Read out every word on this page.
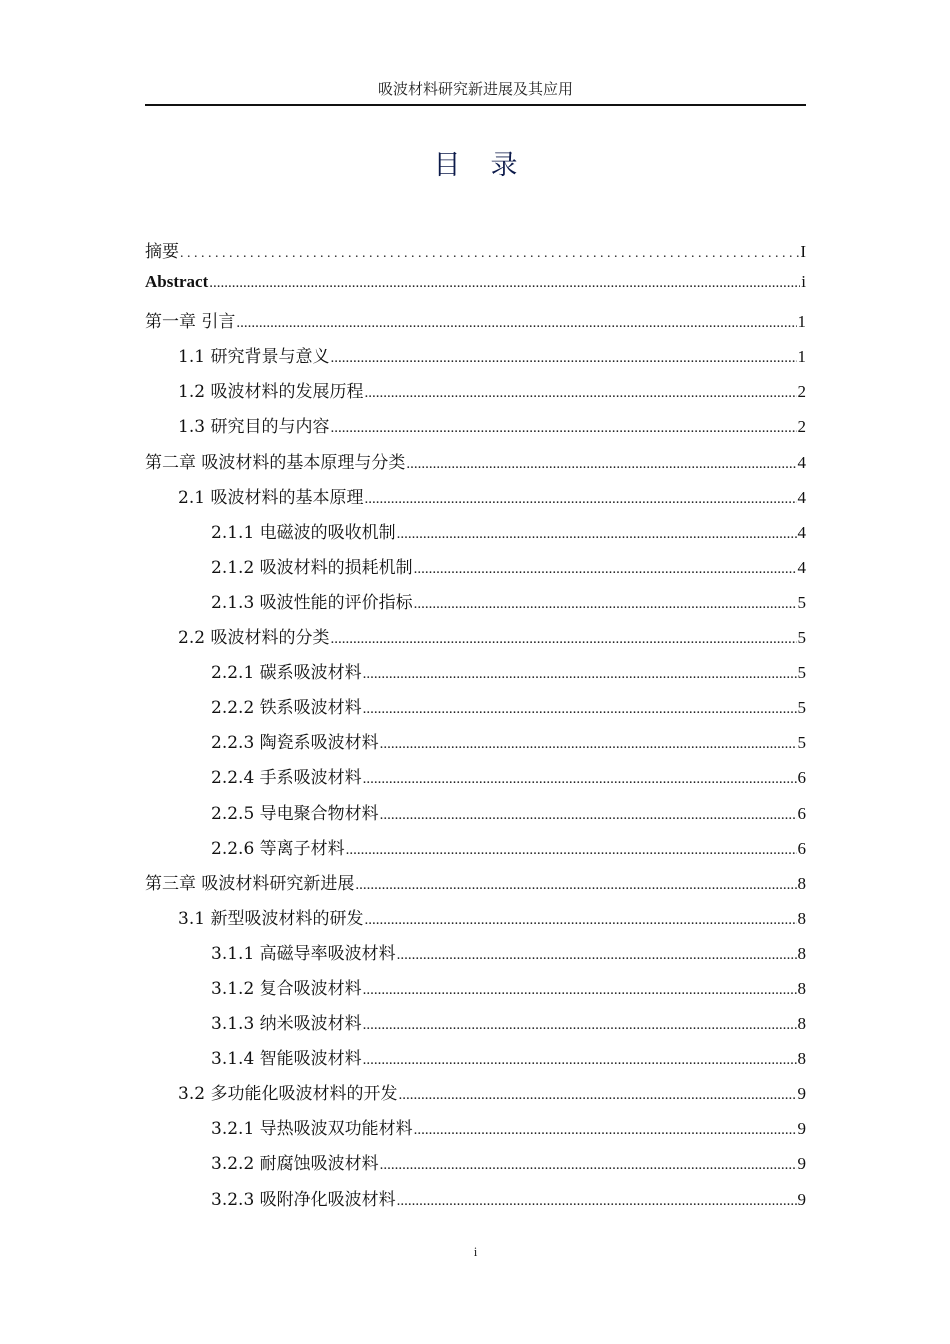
吸波材料研究新进展及其应用
目录
摘要 . . .	I
Abstract .....	i
第一章 引言 .....	1
1.1 研究背景与意义 .....	1
1.2 吸波材料的发展历程 .....	2
1.3 研究目的与内容 .....	2
第二章 吸波材料的基本原理与分类 .....	4
2.1 吸波材料的基本原理 .....	4
2.1.1 电磁波的吸收机制 .....	4
2.1.2 吸波材料的损耗机制 .....	4
2.1.3 吸波性能的评价指标 .....	5
2.2 吸波材料的分类 .....	5
2.2.1 碳系吸波材料 .....	5
2.2.2 铁系吸波材料 .....	5
2.2.3 陶瓷系吸波材料 .....	5
2.2.4 手系吸波材料 .....	6
2.2.5 导电聚合物材料 .....	6
2.2.6 等离子材料 .....	6
第三章 吸波材料研究新进展 .....	8
3.1 新型吸波材料的研发 .....	8
3.1.1 高磁导率吸波材料 .....	8
3.1.2 复合吸波材料 .....	8
3.1.3 纳米吸波材料 .....	8
3.1.4 智能吸波材料 .....	8
3.2 多功能化吸波材料的开发 .....	9
3.2.1 导热吸波双功能材料 .....	9
3.2.2 耐腐蚀吸波材料 .....	9
3.2.3 吸附净化吸波材料 .....	9
i
